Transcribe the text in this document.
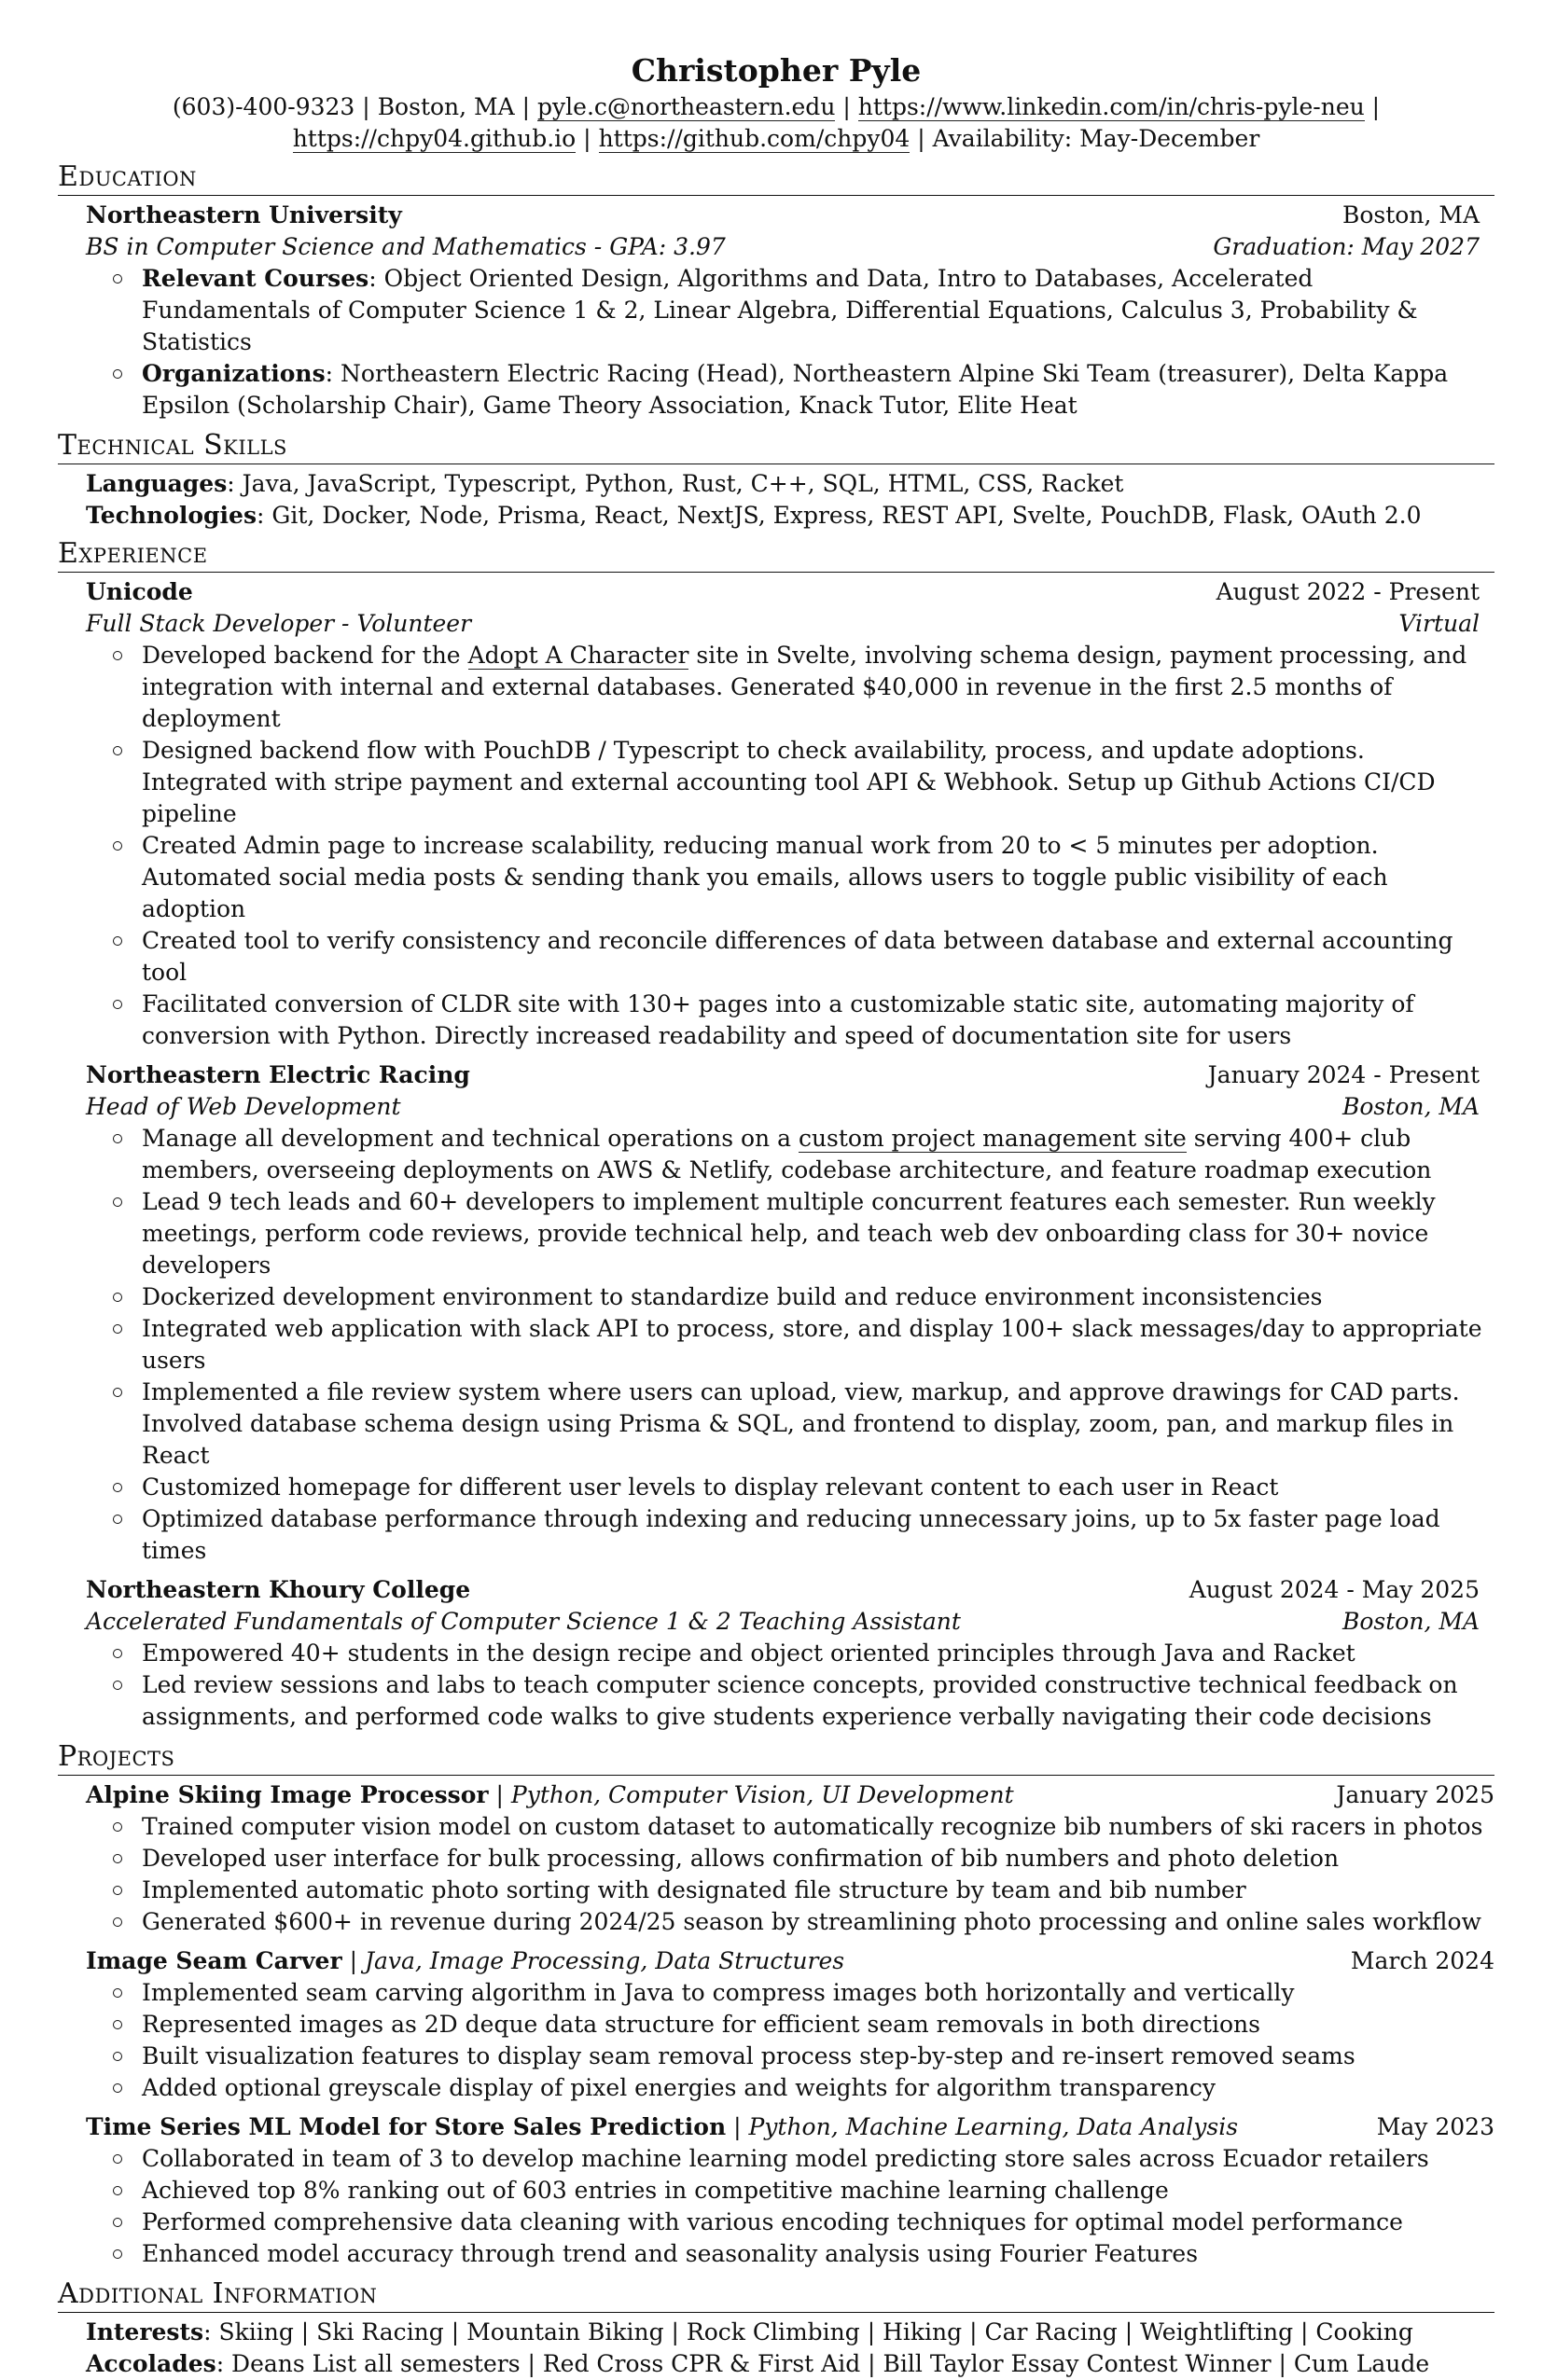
Christopher Pyle
(603)-400-9323 | Boston, MA | pyle.c@northeastern.edu | https://www.linkedin.com/in/chris-pyle-neu |
https://chpy04.github.io | https://github.com/chpy04 | Availability: May-December
Education
Northeastern University	Boston, MA
BS in Computer Science and Mathematics - GPA: 3.97	Graduation: May 2027
Relevant Courses: Object Oriented Design, Algorithms and Data, Intro to Databases, Accelerated Fundamentals of Computer Science 1 & 2, Linear Algebra, Differential Equations, Calculus 3, Probability & Statistics
Organizations: Northeastern Electric Racing (Head), Northeastern Alpine Ski Team (treasurer), Delta Kappa Epsilon (Scholarship Chair), Game Theory Association, Knack Tutor, Elite Heat
Technical Skills
Languages: Java, JavaScript, Typescript, Python, Rust, C++, SQL, HTML, CSS, Racket
Technologies: Git, Docker, Node, Prisma, React, NextJS, Express, REST API, Svelte, PouchDB, Flask, OAuth 2.0
Experience
Unicode	August 2022 - Present
Full Stack Developer - Volunteer	Virtual
Developed backend for the Adopt A Character site in Svelte, involving schema design, payment processing, and integration with internal and external databases. Generated $40,000 in revenue in the first 2.5 months of deployment
Designed backend flow with PouchDB / Typescript to check availability, process, and update adoptions. Integrated with stripe payment and external accounting tool API & Webhook. Setup up Github Actions CI/CD pipeline
Created Admin page to increase scalability, reducing manual work from 20 to < 5 minutes per adoption. Automated social media posts & sending thank you emails, allows users to toggle public visibility of each adoption
Created tool to verify consistency and reconcile differences of data between database and external accounting tool
Facilitated conversion of CLDR site with 130+ pages into a customizable static site, automating majority of conversion with Python. Directly increased readability and speed of documentation site for users
Northeastern Electric Racing	January 2024 - Present
Head of Web Development	Boston, MA
Manage all development and technical operations on a custom project management site serving 400+ club members, overseeing deployments on AWS & Netlify, codebase architecture, and feature roadmap execution
Lead 9 tech leads and 60+ developers to implement multiple concurrent features each semester. Run weekly meetings, perform code reviews, provide technical help, and teach web dev onboarding class for 30+ novice developers
Dockerized development environment to standardize build and reduce environment inconsistencies
Integrated web application with slack API to process, store, and display 100+ slack messages/day to appropriate users
Implemented a file review system where users can upload, view, markup, and approve drawings for CAD parts. Involved database schema design using Prisma & SQL, and frontend to display, zoom, pan, and markup files in React
Customized homepage for different user levels to display relevant content to each user in React
Optimized database performance through indexing and reducing unnecessary joins, up to 5x faster page load times
Northeastern Khoury College	August 2024 - May 2025
Accelerated Fundamentals of Computer Science 1 & 2 Teaching Assistant	Boston, MA
Empowered 40+ students in the design recipe and object oriented principles through Java and Racket
Led review sessions and labs to teach computer science concepts, provided constructive technical feedback on assignments, and performed code walks to give students experience verbally navigating their code decisions
Projects
Alpine Skiing Image Processor | Python, Computer Vision, UI Development	January 2025
Trained computer vision model on custom dataset to automatically recognize bib numbers of ski racers in photos
Developed user interface for bulk processing, allows confirmation of bib numbers and photo deletion
Implemented automatic photo sorting with designated file structure by team and bib number
Generated $600+ in revenue during 2024/25 season by streamlining photo processing and online sales workflow
Image Seam Carver | Java, Image Processing, Data Structures	March 2024
Implemented seam carving algorithm in Java to compress images both horizontally and vertically
Represented images as 2D deque data structure for efficient seam removals in both directions
Built visualization features to display seam removal process step-by-step and re-insert removed seams
Added optional greyscale display of pixel energies and weights for algorithm transparency
Time Series ML Model for Store Sales Prediction | Python, Machine Learning, Data Analysis	May 2023
Collaborated in team of 3 to develop machine learning model predicting store sales across Ecuador retailers
Achieved top 8% ranking out of 603 entries in competitive machine learning challenge
Performed comprehensive data cleaning with various encoding techniques for optimal model performance
Enhanced model accuracy through trend and seasonality analysis using Fourier Features
Additional Information
Interests: Skiing | Ski Racing | Mountain Biking | Rock Climbing | Hiking | Car Racing | Weightlifting | Cooking
Accolades: Deans List all semesters | Red Cross CPR & First Aid | Bill Taylor Essay Contest Winner | Cum Laude
